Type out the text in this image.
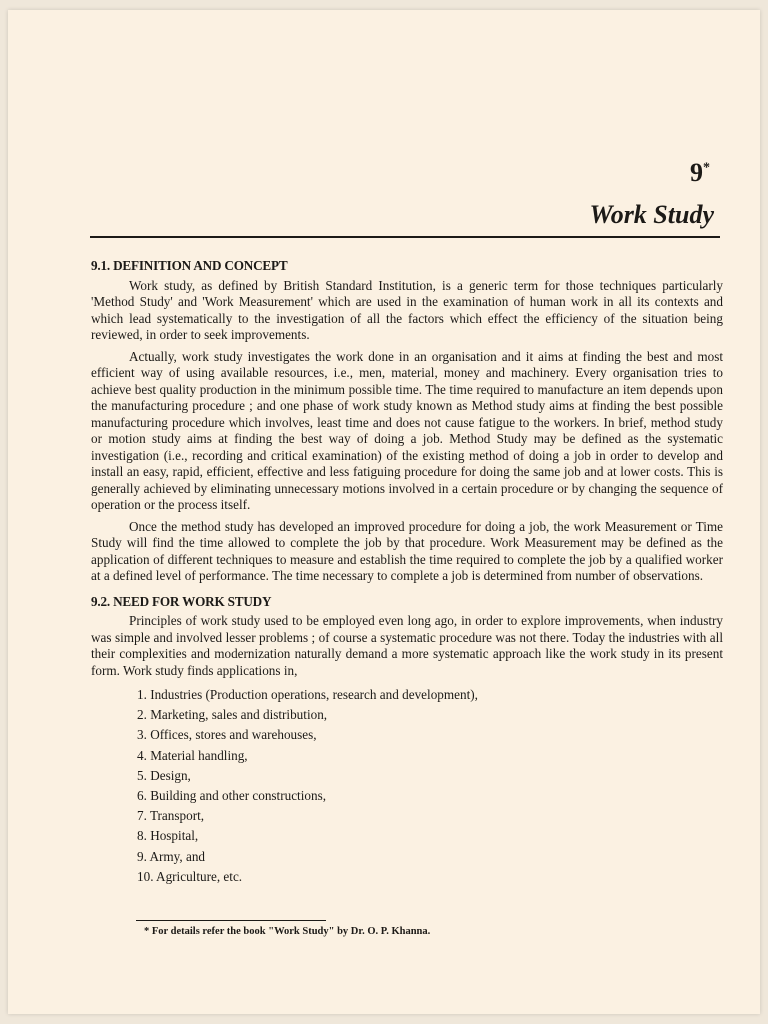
9*
Work Study
9.1. DEFINITION AND CONCEPT

Work study, as defined by British Standard Institution, is a generic term for those techniques particularly 'Method Study' and 'Work Measurement' which are used in the examination of human work in all its contexts and which lead systematically to the investigation of all the factors which effect the efficiency of the situation being reviewed, in order to seek improvements.

Actually, work study investigates the work done in an organisation and it aims at finding the best and most efficient way of using available resources, i.e., men, material, money and machinery. Every organisation tries to achieve best quality production in the minimum possible time. The time required to manufacture an item depends upon the manufacturing procedure ; and one phase of work study known as Method study aims at finding the best possible manufacturing procedure which involves, least time and does not cause fatigue to the workers. In brief, method study or motion study aims at finding the best way of doing a job. Method Study may be defined as the systematic investigation (i.e., recording and critical examination) of the existing method of doing a job in order to develop and install an easy, rapid, efficient, effective and less fatiguing procedure for doing the same job and at lower costs. This is generally achieved by eliminating unnecessary motions involved in a certain procedure or by changing the sequence of operation or the process itself.

Once the method study has developed an improved procedure for doing a job, the work Measurement or Time Study will find the time allowed to complete the job by that procedure. Work Measurement may be defined as the application of different techniques to measure and establish the time required to complete the job by a qualified worker at a defined level of performance. The time necessary to complete a job is determined from number of observations.

9.2. NEED FOR WORK STUDY

Principles of work study used to be employed even long ago, in order to explore improvements, when industry was simple and involved lesser problems ; of course a systematic procedure was not there. Today the industries with all their complexities and modernization naturally demand a more systematic approach like the work study in its present form. Work study finds applications in,

1. Industries (Production operations, research and development),
2. Marketing, sales and distribution,
3. Offices, stores and warehouses,
4. Material handling,
5. Design,
6. Building and other constructions,
7. Transport,
8. Hospital,
9. Army, and
10. Agriculture, etc.
* For details refer the book "Work Study" by Dr. O. P. Khanna.
